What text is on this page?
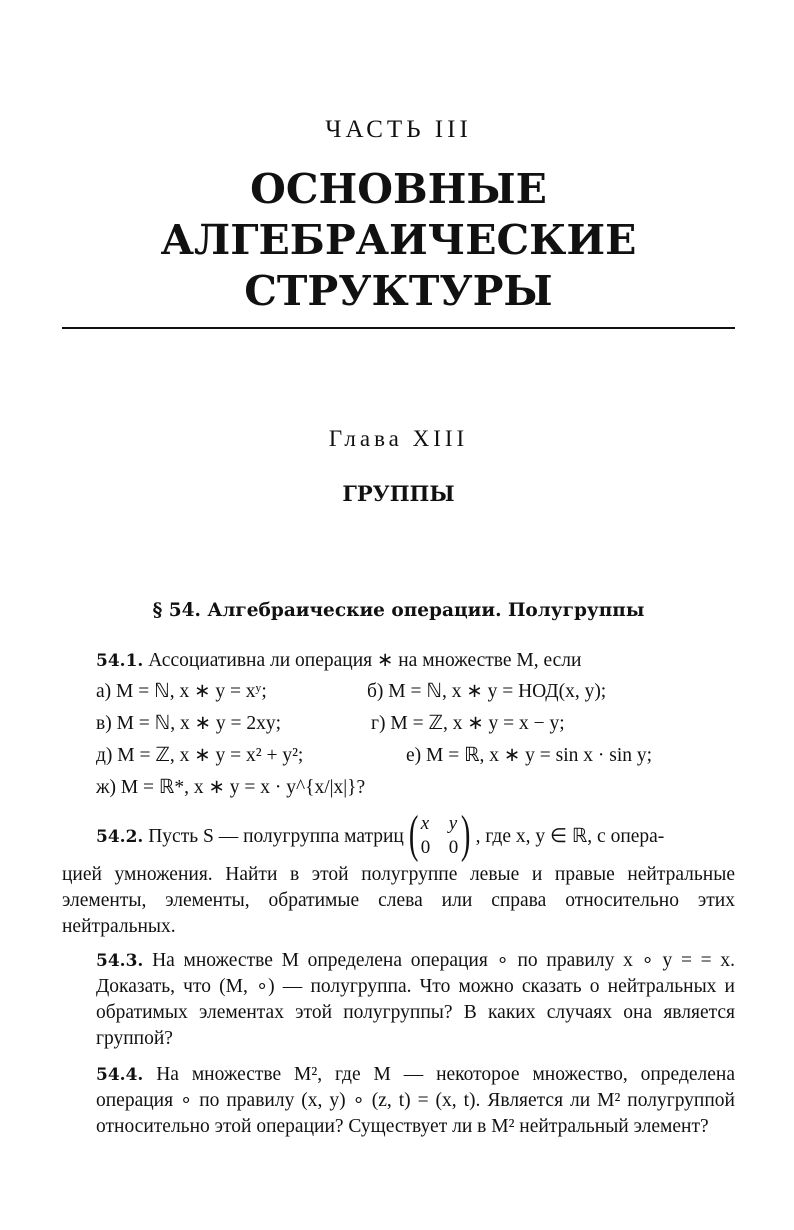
ЧАСТЬ III
ОСНОВНЫЕ
АЛГЕБРАИЧЕСКИЕ
СТРУКТУРЫ
Глава XIII
ГРУППЫ
§ 54. Алгебраические операции. Полугруппы
54.1. Ассоциативна ли операция ∗ на множестве M, если
а) M = ℕ, x ∗ y = xʸ;	б) M = ℕ, x ∗ y = НОД(x, y);
в) M = ℕ, x ∗ y = 2xy;	г) M = ℤ, x ∗ y = x − y;
д) M = ℤ, x ∗ y = x² + y²;	е) M = ℝ, x ∗ y = sin x · sin y;
ж) M = ℝ*, x ∗ y = x · y^{x/|x|}?
54.2. Пусть S — полугруппа матриц ( x y
0 0 ) , где x, y ∈ ℝ, с опера-
цией умножения. Найти в этой полугруппе левые и правые нейтральные элементы, элементы, обратимые слева или справа относительно этих нейтральных.
54.3. На множестве M определена операция ∘ по правилу x ∘ y = = x. Доказать, что (M, ∘) — полугруппа. Что можно сказать о нейтральных и обратимых элементах этой полугруппы? В каких случаях она является группой?
54.4. На множестве M², где M — некоторое множество, определена операция ∘ по правилу (x, y) ∘ (z, t) = (x, t). Является ли M² полугруппой относительно этой операции? Существует ли в M² нейтральный элемент?
